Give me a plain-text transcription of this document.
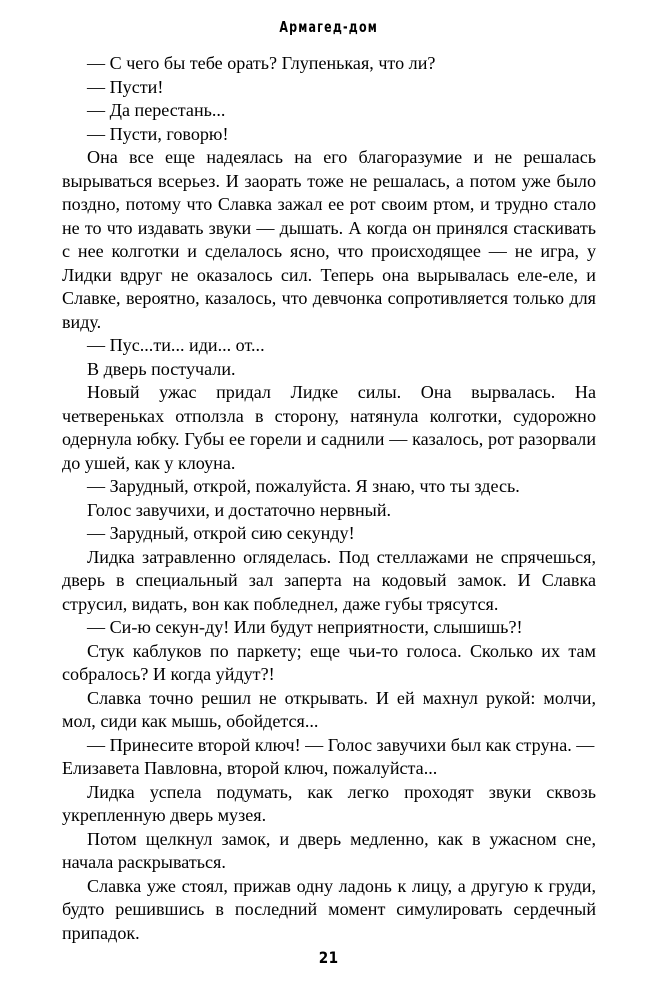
Армагед-дом

— С чего бы тебе орать? Глупенькая, что ли?

— Пусти!

— Да перестань...

— Пусти, говорю!

Она все еще надеялась на его благоразумие и не решалась вырываться всерьез. И заорать тоже не решалась, а потом уже было поздно, потому что Славка зажал ее рот своим ртом, и трудно стало не то что издавать звуки — дышать. А когда он принялся стаскивать с нее колготки и сделалось ясно, что происходящее — не игра, у Лидки вдруг не оказалось сил. Теперь она вырывалась еле-еле, и Славке, вероятно, казалось, что девчонка сопротивляется только для виду.

— Пус...ти... иди... от...

В дверь постучали.

Новый ужас придал Лидке силы. Она вырвалась. На четвереньках отползла в сторону, натянула колготки, судорожно одернула юбку. Губы ее горели и саднили — казалось, рот разорвали до ушей, как у клоуна.

— Зарудный, открой, пожалуйста. Я знаю, что ты здесь.

Голос завучихи, и достаточно нервный.

— Зарудный, открой сию секунду!

Лидка затравленно огляделась. Под стеллажами не спрячешься, дверь в специальный зал заперта на кодовый замок. И Славка струсил, видать, вон как побледнел, даже губы трясутся.

— Си-ю секун-ду! Или будут неприятности, слышишь?!

Стук каблуков по паркету; еще чьи-то голоса. Сколько их там собралось? И когда уйдут?!

Славка точно решил не открывать. И ей махнул рукой: молчи, мол, сиди как мышь, обойдется...

— Принесите второй ключ! — Голос завучихи был как струна. — Елизавета Павловна, второй ключ, пожалуйста...

Лидка успела подумать, как легко проходят звуки сквозь укрепленную дверь музея.

Потом щелкнул замок, и дверь медленно, как в ужасном сне, начала раскрываться.

Славка уже стоял, прижав одну ладонь к лицу, а другую к груди, будто решившись в последний момент симулировать сердечный припадок.

21
